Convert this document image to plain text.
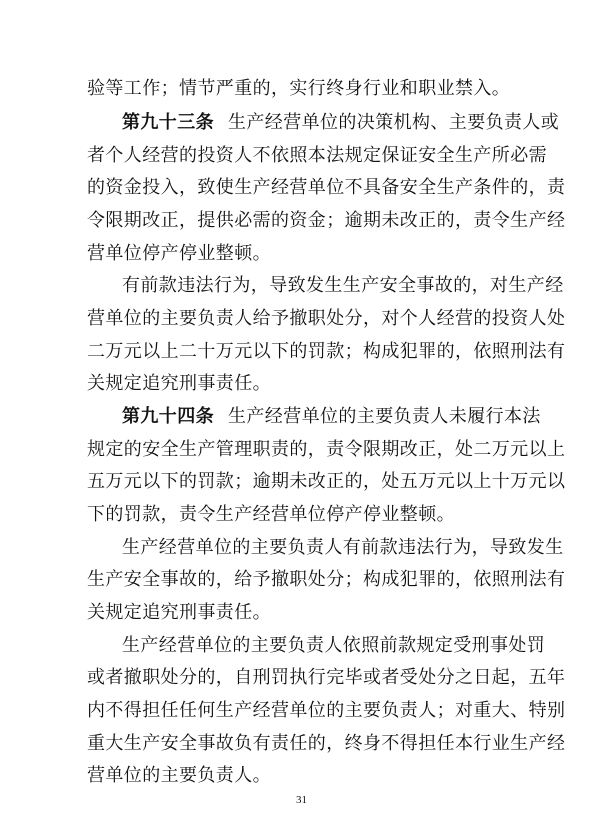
验等工作；情节严重的，实行终身行业和职业禁入。
第九十三条 生产经营单位的决策机构、主要负责人或
者个人经营的投资人不依照本法规定保证安全生产所必需
的资金投入，致使生产经营单位不具备安全生产条件的，责
令限期改正，提供必需的资金；逾期未改正的，责令生产经
营单位停产停业整顿。
有前款违法行为，导致发生生产安全事故的，对生产经
营单位的主要负责人给予撤职处分，对个人经营的投资人处
二万元以上二十万元以下的罚款；构成犯罪的，依照刑法有
关规定追究刑事责任。
第九十四条 生产经营单位的主要负责人未履行本法
规定的安全生产管理职责的，责令限期改正，处二万元以上
五万元以下的罚款；逾期未改正的，处五万元以上十万元以
下的罚款，责令生产经营单位停产停业整顿。
生产经营单位的主要负责人有前款违法行为，导致发生
生产安全事故的，给予撤职处分；构成犯罪的，依照刑法有
关规定追究刑事责任。
生产经营单位的主要负责人依照前款规定受刑事处罚
或者撤职处分的，自刑罚执行完毕或者受处分之日起，五年
内不得担任任何生产经营单位的主要负责人；对重大、特别
重大生产安全事故负有责任的，终身不得担任本行业生产经
营单位的主要负责人。
31
